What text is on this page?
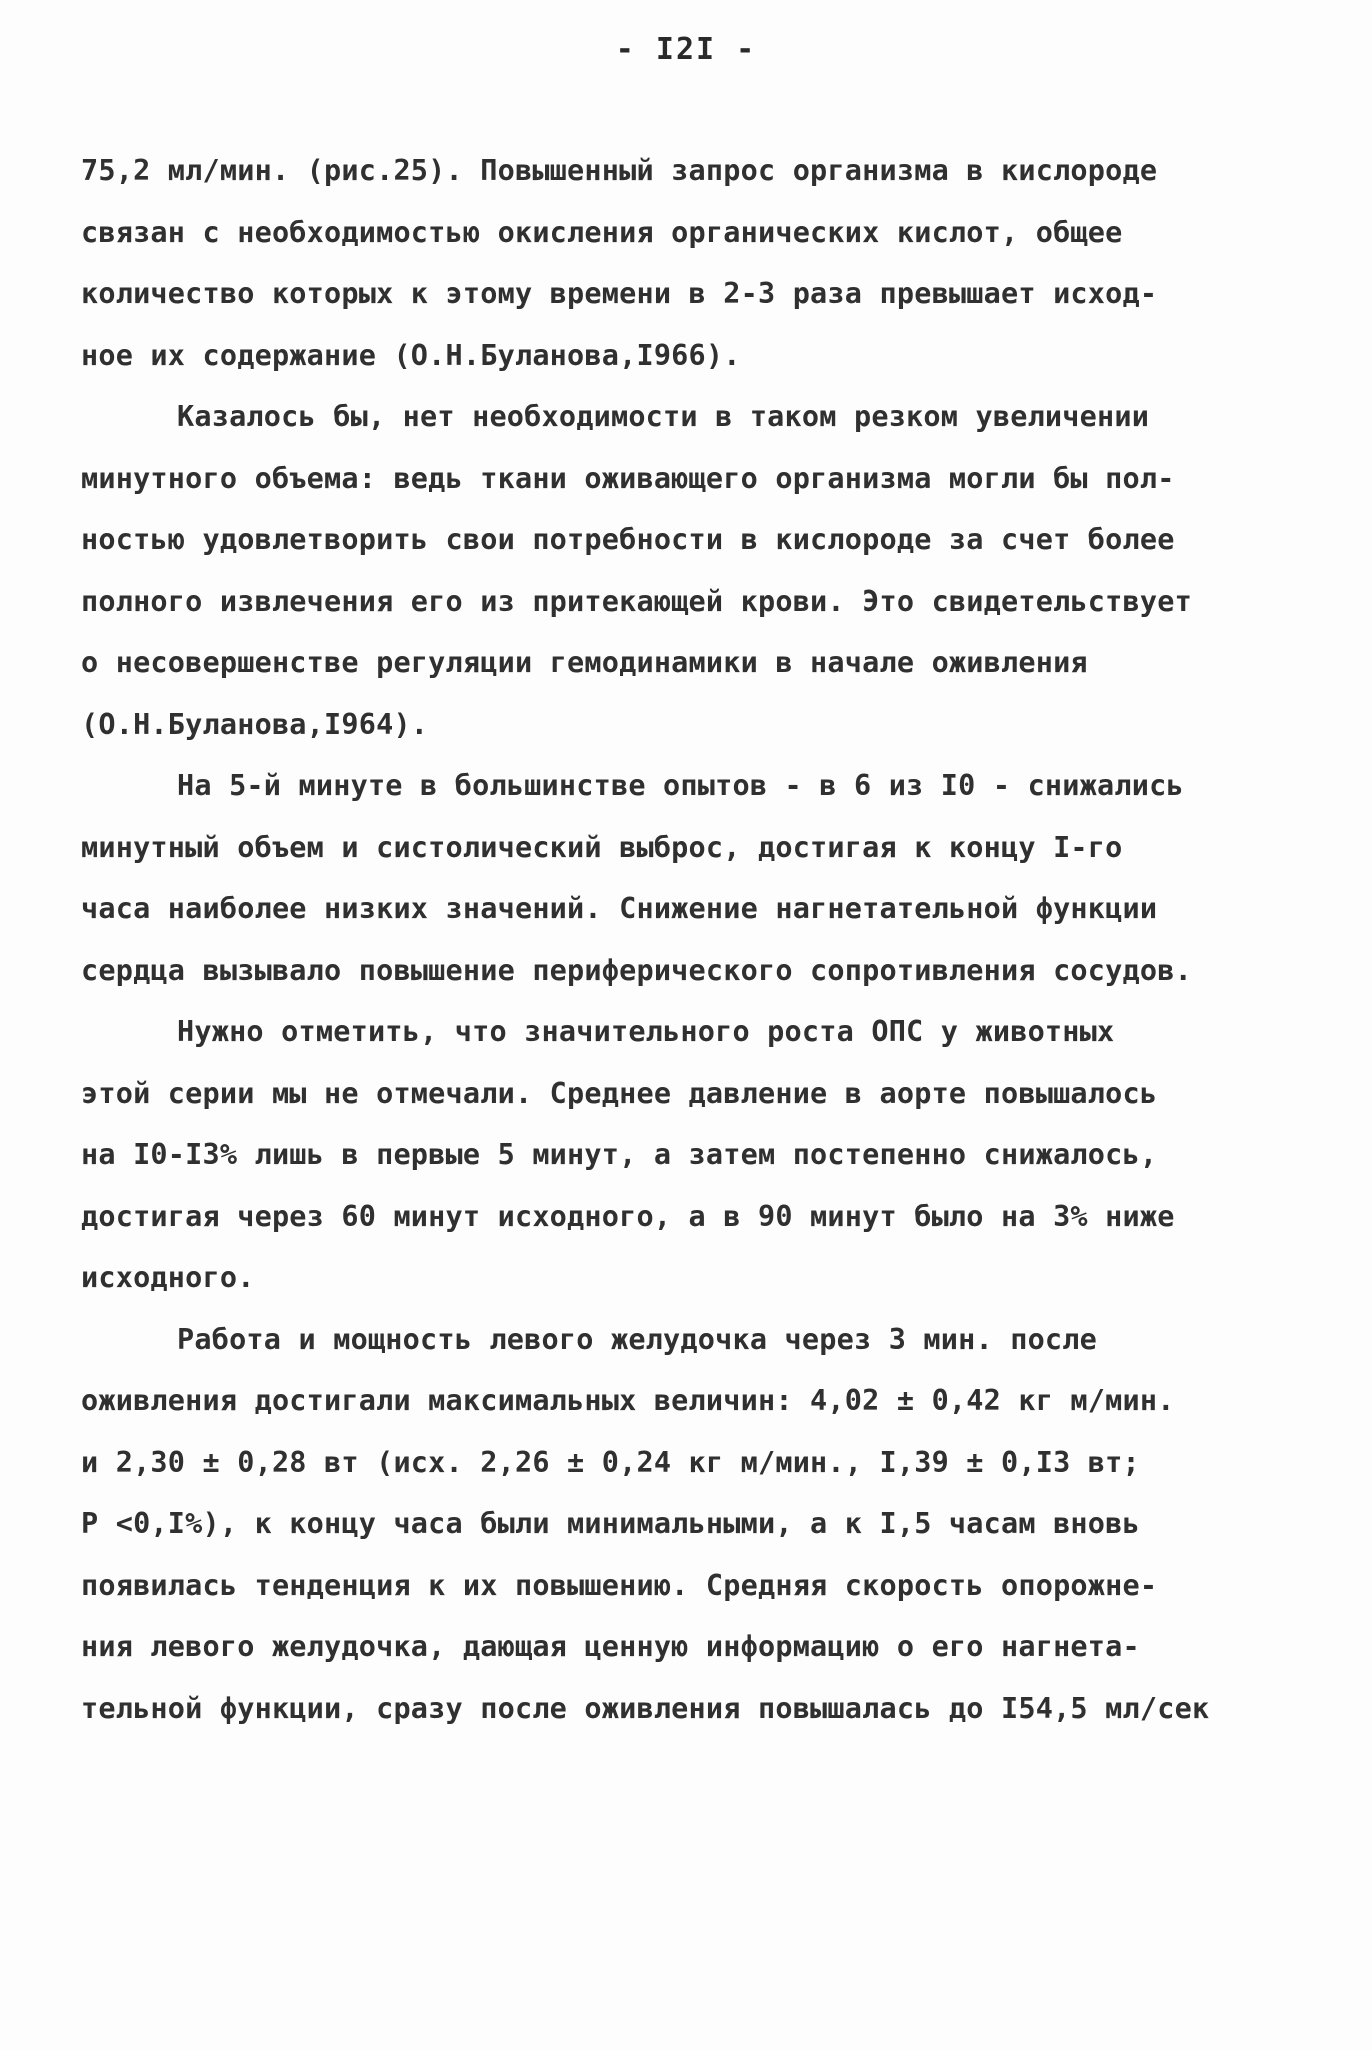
- I2I -
75,2 мл/мин. (рис.25). Повышенный запрос организма в кислороде
связан с необходимостью окисления органических кислот, общее
количество которых к этому времени в 2-3 раза превышает исход-
ное их содержание (О.Н.Буланова,I966).
Казалось бы, нет необходимости в таком резком увеличении
минутного объема: ведь ткани оживающего организма могли бы пол-
ностью удовлетворить свои потребности в кислороде за счет более
полного извлечения его из притекающей крови. Это свидетельствует
о несовершенстве регуляции гемодинамики в начале оживления
(О.Н.Буланова,I964).
На 5-й минуте в большинстве опытов - в 6 из I0 - снижались
минутный объем и систолический выброс, достигая к концу I-го
часа наиболее низких значений. Снижение нагнетательной функции
сердца вызывало повышение периферического сопротивления сосудов.
Нужно отметить, что значительного роста ОПС у животных
этой серии мы не отмечали. Среднее давление в аорте повышалось
на I0-I3% лишь в первые 5 минут, а затем постепенно снижалось,
достигая через 60 минут исходного, а в 90 минут было на 3% ниже
исходного.
Работа и мощность левого желудочка через 3 мин. после
оживления достигали максимальных величин: 4,02 ± 0,42 кг м/мин.
и 2,30 ± 0,28 вт (исх. 2,26 ± 0,24 кг м/мин., I,39 ± 0,I3 вт;
P <0,I%), к концу часа были минимальными, а к I,5 часам вновь
появилась тенденция к их повышению. Средняя скорость опорожне-
ния левого желудочка, дающая ценную информацию о его нагнета-
тельной функции, сразу после оживления повышалась до I54,5 мл/сек
